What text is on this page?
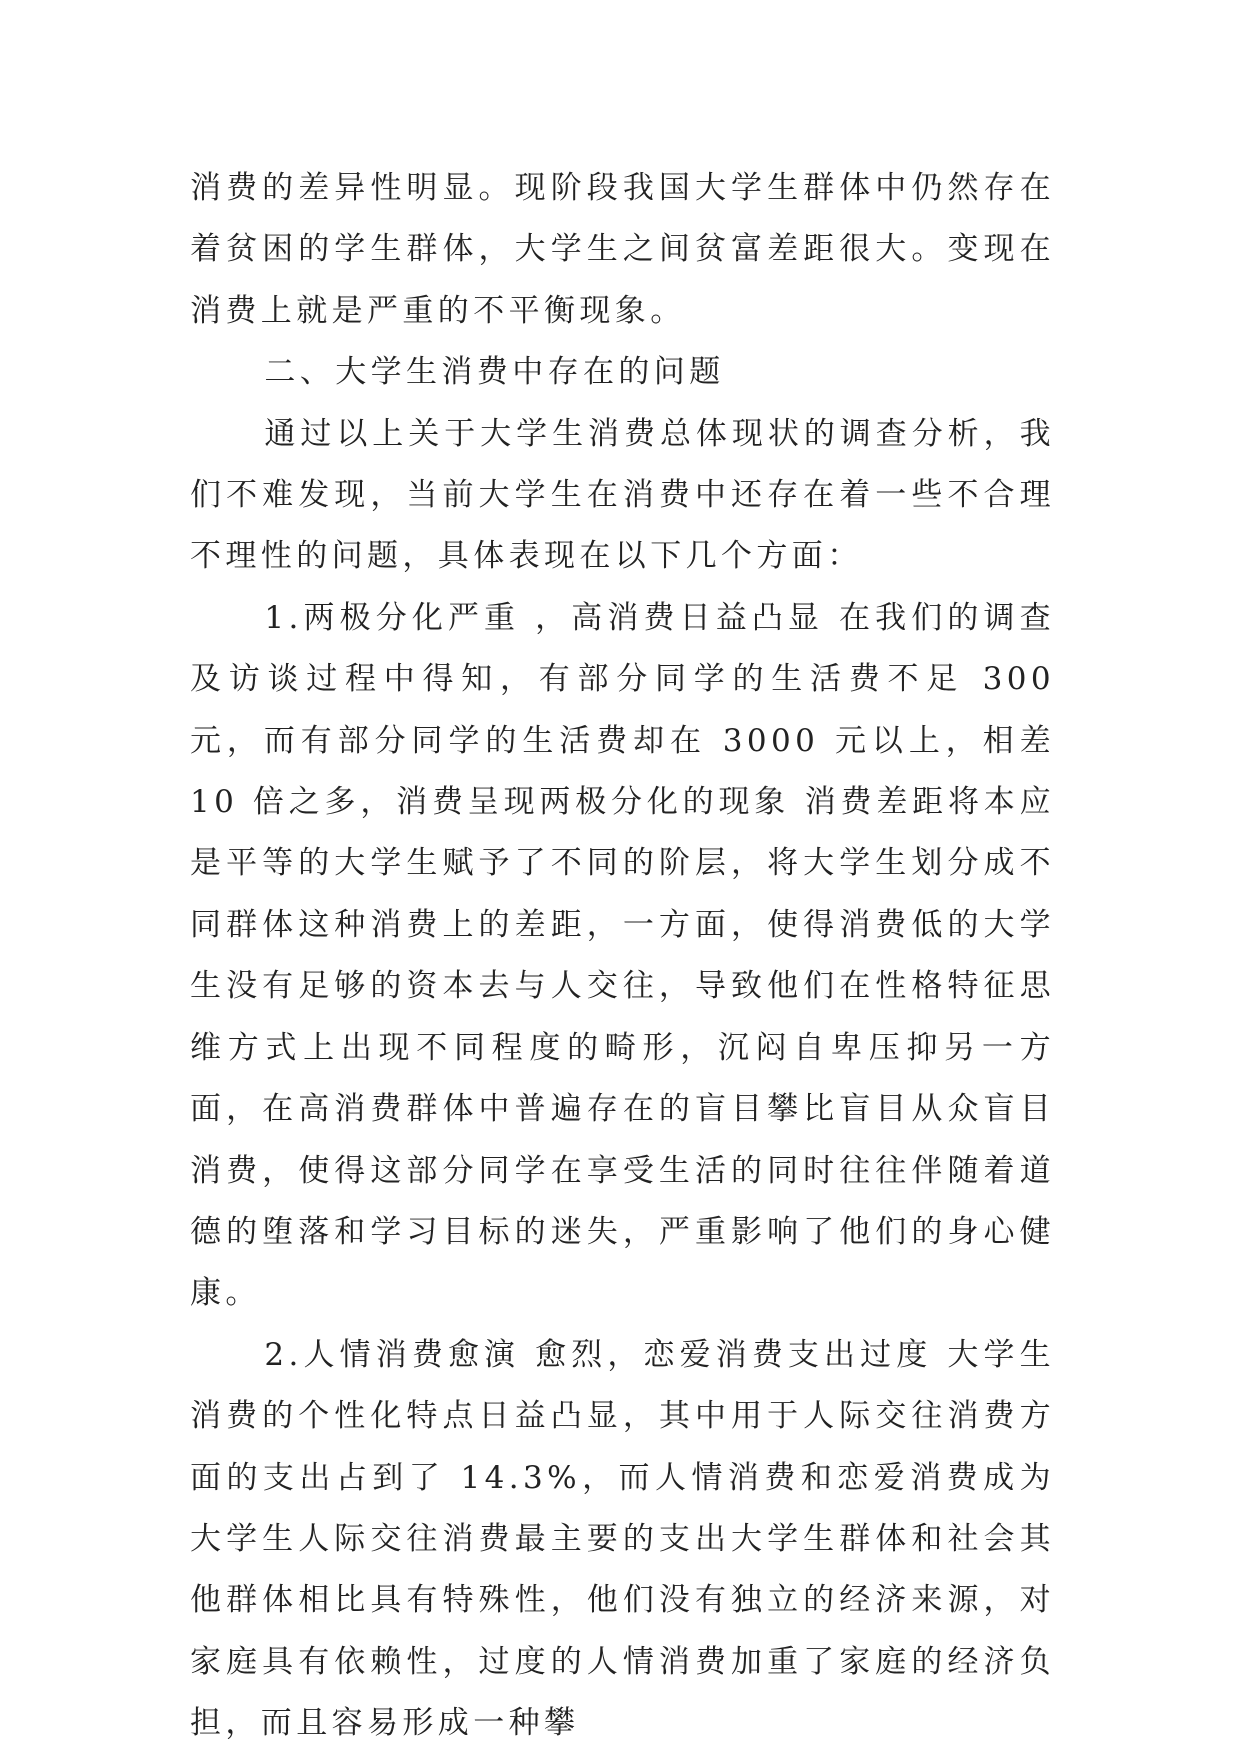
消费的差异性明显。现阶段我国大学生群体中仍然存在着贫困的学生群体，大学生之间贫富差距很大。变现在消费上就是严重的不平衡现象。

二、大学生消费中存在的问题

通过以上关于大学生消费总体现状的调查分析，我们不难发现，当前大学生在消费中还存在着一些不合理不理性的问题，具体表现在以下几个方面：

1.两极分化严重 ，高消费日益凸显 在我们的调查及访谈过程中得知，有部分同学的生活费不足 300元，而有部分同学的生活费却在 3000 元以上，相差 10 倍之多，消费呈现两极分化的现象 消费差距将本应是平等的大学生赋予了不同的阶层，将大学生划分成不同群体这种消费上的差距，一方面，使得消费低的大学生没有足够的资本去与人交往，导致他们在性格特征思维方式上出现不同程度的畸形，沉闷自卑压抑另一方面，在高消费群体中普遍存在的盲目攀比盲目从众盲目消费，使得这部分同学在享受生活的同时往往伴随着道德的堕落和学习目标的迷失，严重影响了他们的身心健康。

2.人情消费愈演 愈烈，恋爱消费支出过度 大学生消费的个性化特点日益凸显，其中用于人际交往消费方面的支出占到了 14.3%，而人情消费和恋爱消费成为大学生人际交往消费最主要的支出大学生群体和社会其他群体相比具有特殊性，他们没有独立的经济来源，对家庭具有依赖性，过度的人情消费加重了家庭的经济负担，而且容易形成一种攀
